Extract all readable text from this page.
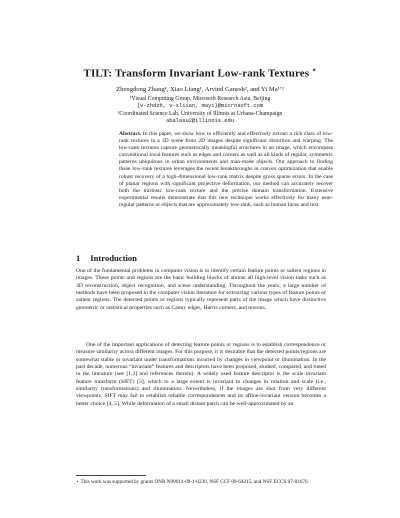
TILT: Transform Invariant Low-rank Textures ⋆
Zhengdong Zhang¹, Xiao Liang¹, Arvind Ganesh², and Yi Ma¹ʼ²
¹Visual Computing Group, Microsoft Research Asia, Beijing
{v-zhdzh, v-xliian, mayi}@microsoft.com
²Coordinated Science Lab, University of Illinois at Urbana-Champaign
abalasu2@illinois.edu
Abstract. In this paper, we show how to efficiently and effectively extract a rich class of low-rank textures in a 3D scene from 2D images despite significant distortion and warping. The low-rank textures capture geometrically meaningful structures in an image, which encompass conventional local features such as edges and corners as well as all kinds of regular, symmetric patterns ubiquitous in urban environments and man-made objects. Our approach to finding these low-rank textures leverages the recent breakthroughs in convex optimization that enable robust recovery of a high-dimensional low-rank matrix despite gross sparse errors. In the case of planar regions with significant projective deformation, our method can accurately recover both the intrinsic low-rank texture and the precise domain transformation. Extensive experimental results demonstrate that this new technique works effectively for many near-regular patterns or objects that are approximately low-rank, such as human faces and text.
1 Introduction
One of the fundamental problems in computer vision is to identify certain feature points or salient regions in images. These points and regions are the basic building blocks of almost all high-level vision tasks such as 3D reconstruction, object recognition, and scene understanding. Throughout the years, a large number of methods have been proposed in the computer vision literature for extracting various types of feature points or salient regions. The detected points or regions typically represent parts of the image which have distinctive geometric or statistical properties such as Canny edges, Harris corners, and textons.
One of the important applications of detecting feature points or regions is to establish correspondence or measure similarity across different images. For this purpose, it is desirable that the detected points/regions are somewhat stable or invariant under transformations incurred by changes in viewpoint or illumination. In the past decade, numerous “invariant” features and descriptors have been proposed, studied, compared, and tuned in the literature (see [1,2] and references therein). A widely used feature descriptor is the scale invariant feature transform (SIFT) [3], which to a large extent is invariant to changes in rotation and scale (i.e., similarity transformations) and illumination. Nevertheless, if the images are shot from very different viewpoints, SIFT may fail to establish reliable correspondences and its affine-invariant version becomes a better choice [4, 5]. While deformation of a small distant patch can be well-approximated by an
⋆ This work was supported by grants ONR N00014-09-1-0230, NSF CCF 09-64215, and NSF ECCS 07-01676.
